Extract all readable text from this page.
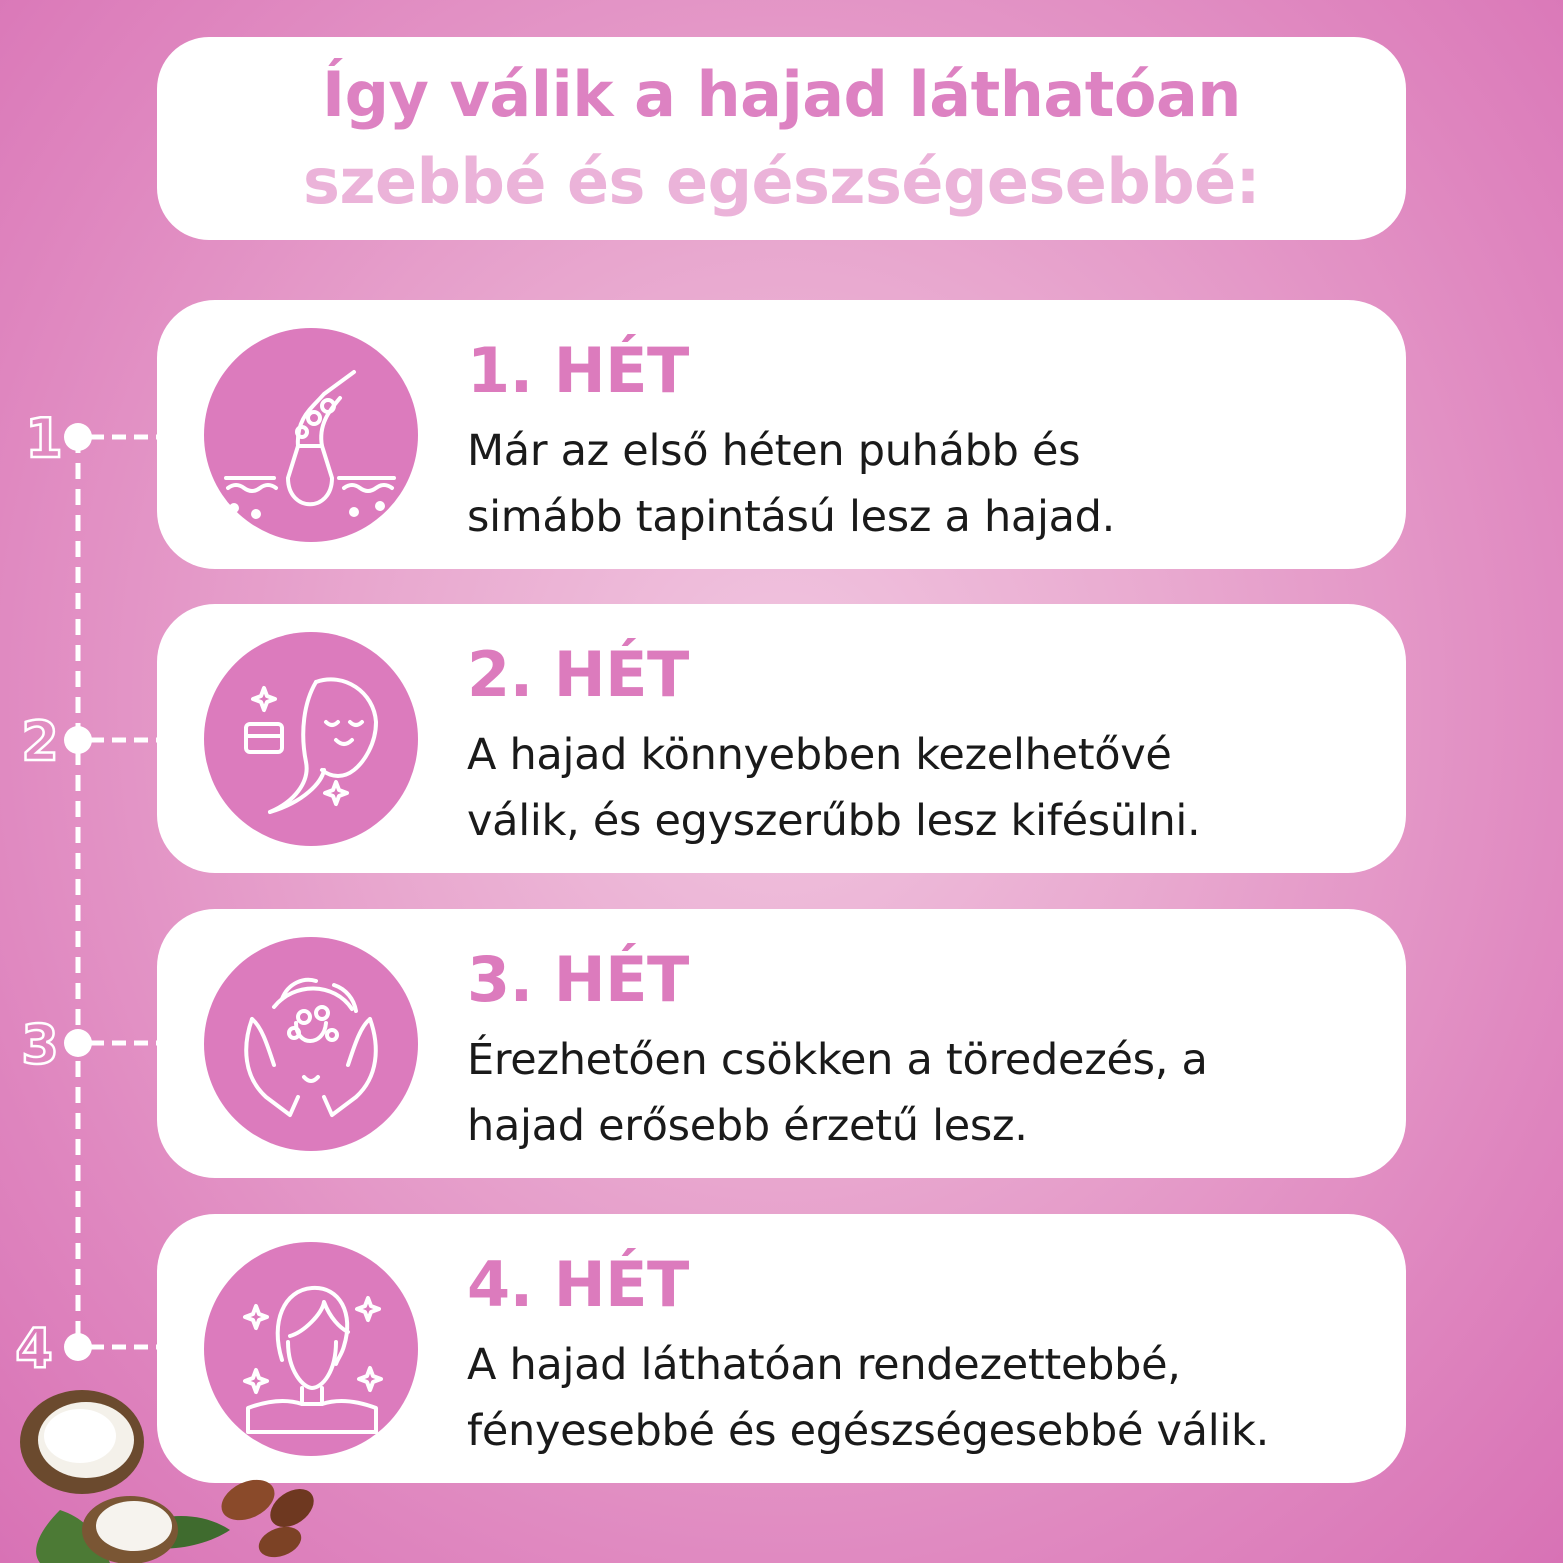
Így válik a hajad láthatóan
szebbé és egészségesebbé:
1
2
3
4
1. HÉT
Már az első héten puhább és
simább tapintású lesz a hajad.
2. HÉT
A hajad könnyebben kezelhetővé
válik, és egyszerűbb lesz kifésülni.
3. HÉT
Érezhetően csökken a töredezés, a
hajad erősebb érzetű lesz.
4. HÉT
A hajad láthatóan rendezettebbé,
fényesebbé és egészségesebbé válik.
